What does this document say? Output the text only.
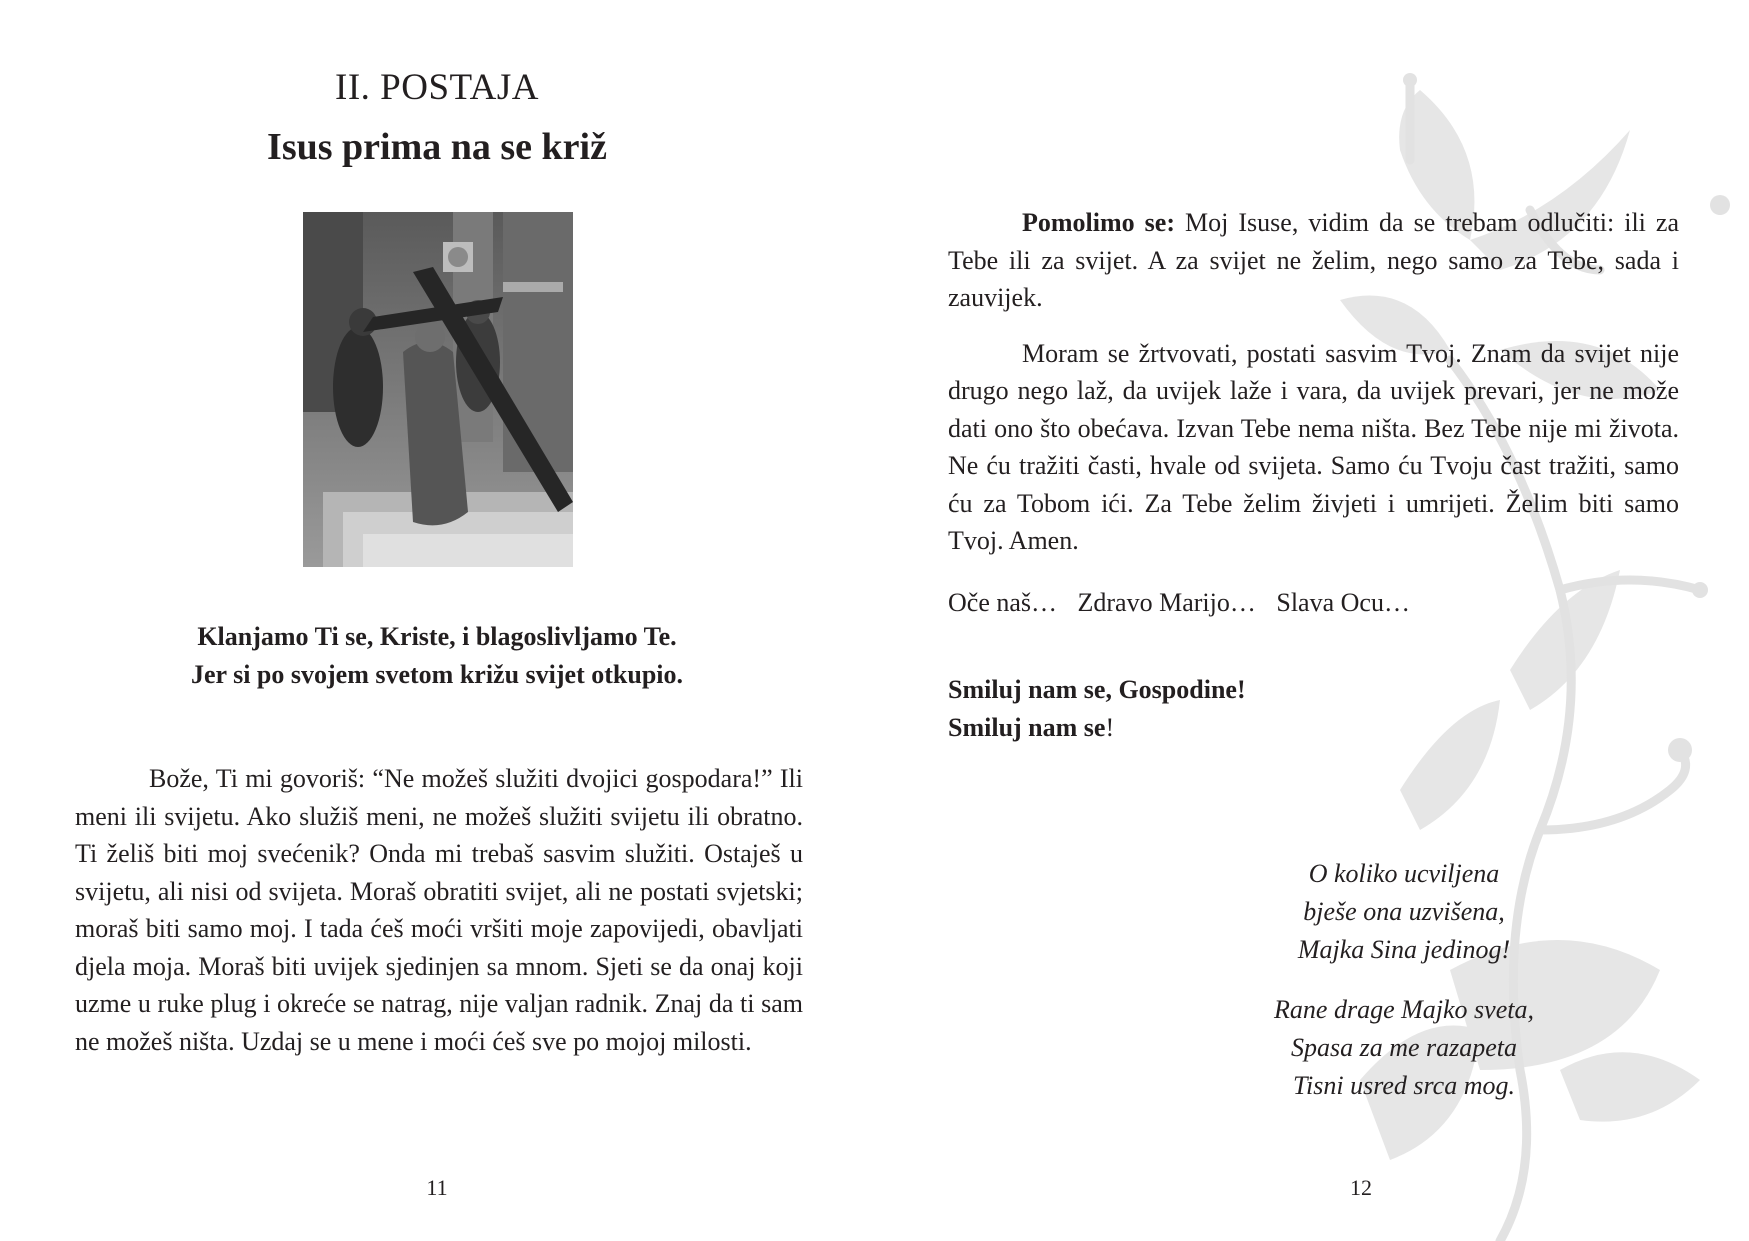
II. POSTAJA
Isus prima na se križ
Klanjamo Ti se, Kriste, i blagoslivljamo Te.
Jer si po svojem svetom križu svijet otkupio.

Bože, Ti mi govoriš: “Ne možeš služiti dvojici gospodara!” Ili meni ili svijetu. Ako služiš meni, ne možeš služiti svijetu ili obratno. Ti želiš biti moj svećenik? Onda mi trebaš sasvim služiti. Ostaješ u svijetu, ali nisi od svijeta. Moraš obratiti svijet, ali ne postati svjetski; moraš biti samo moj. I tada ćeš moći vršiti moje zapovijedi, obavljati djela moja. Moraš biti uvijek sjedinjen sa mnom. Sjeti se da onaj koji uzme u ruke plug i okreće se natrag, nije valjan radnik. Znaj da ti sam ne možeš ništa. Uzdaj se u mene i moći ćeš sve po mojoj milosti.

11

Pomolimo se: Moj Isuse, vidim da se trebam odlučiti: ili za Tebe ili za svijet. A za svijet ne želim, nego samo za Tebe, sada i zauvijek.

Moram se žrtvovati, postati sasvim Tvoj. Znam da svijet nije drugo nego laž, da uvijek laže i vara, da uvijek prevari, jer ne može dati ono što obećava. Izvan Tebe nema ništa. Bez Tebe nije mi života. Ne ću tražiti časti, hvale od svijeta. Samo ću Tvoju čast tražiti, samo ću za Tobom ići. Za Tebe želim živjeti i umrijeti. Želim biti samo Tvoj. Amen.

Oče naš… Zdravo Marijo… Slava Ocu…
Smiluj nam se, Gospodine!
Smiluj nam se!
O koliko ucviljena
bješe ona uzvišena,
Majka Sina jedinog!
Rane drage Majko sveta,
Spasa za me razapeta
Tisni usred srca mog.
12
